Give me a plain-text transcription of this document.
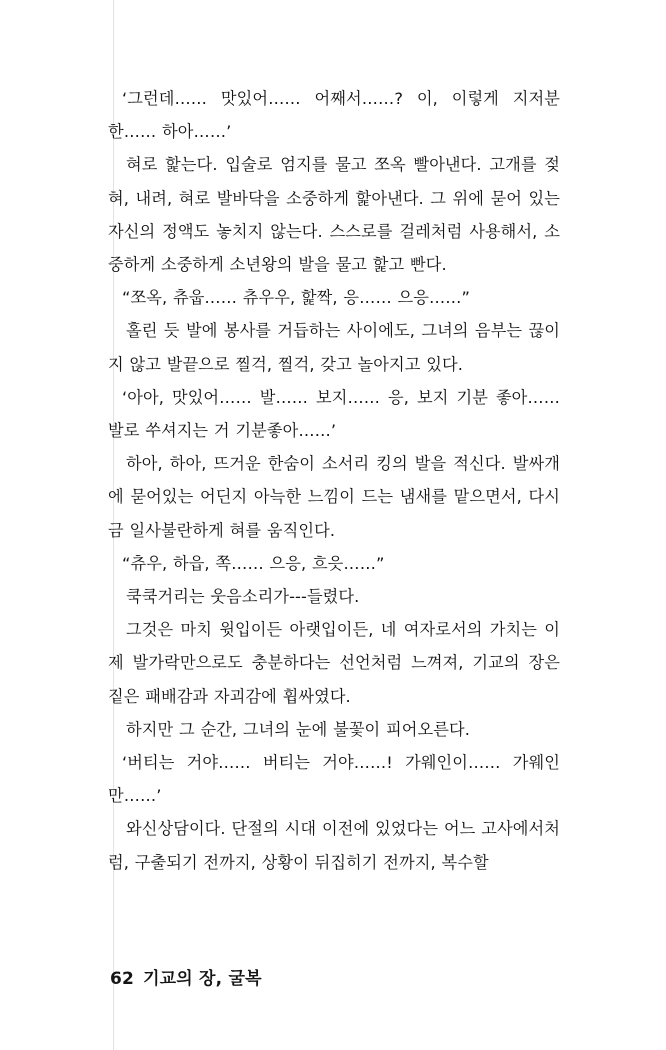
‘그런데…… 맛있어…… 어째서……? 이, 이렇게 지저분한…… 하아……’

혀로 핥는다. 입술로 엄지를 물고 쪼옥 빨아낸다. 고개를 젖혀, 내려, 혀로 발바닥을 소중하게 핥아낸다. 그 위에 묻어 있는 자신의 정액도 놓치지 않는다. 스스로를 걸레처럼 사용해서, 소중하게 소중하게 소년왕의 발을 물고 핥고 빤다.

“쪼옥, 츄웁…… 츄우우, 핥짝, 응…… 으응……”

홀린 듯 발에 봉사를 거듭하는 사이에도, 그녀의 음부는 끊이지 않고 발끝으로 찔걱, 찔걱, 갖고 놀아지고 있다.

‘아아, 맛있어…… 발…… 보지…… 응, 보지 기분 좋아…… 발로 쑤셔지는 거 기분좋아……’

하아, 하아, 뜨거운 한숨이 소서리 킹의 발을 적신다. 발싸개에 묻어있는 어딘지 아늑한 느낌이 드는 냄새를 맡으면서, 다시금 일사불란하게 혀를 움직인다.

“츄우, 하읍, 쪽…… 으응, 흐읏……”

쿡쿡거리는 웃음소리가---들렸다.

그것은 마치 윗입이든 아랫입이든, 네 여자로서의 가치는 이제 발가락만으로도 충분하다는 선언처럼 느껴져, 기교의 장은 짙은 패배감과 자괴감에 휩싸였다.

하지만 그 순간, 그녀의 눈에 불꽃이 피어오른다.

‘버티는 거야…… 버티는 거야……! 가웨인이…… 가웨인만……’

와신상담이다. 단절의 시대 이전에 있었다는 어느 고사에서처럼, 구출되기 전까지, 상황이 뒤집히기 전까지, 복수할

62 기교의 장, 굴복
